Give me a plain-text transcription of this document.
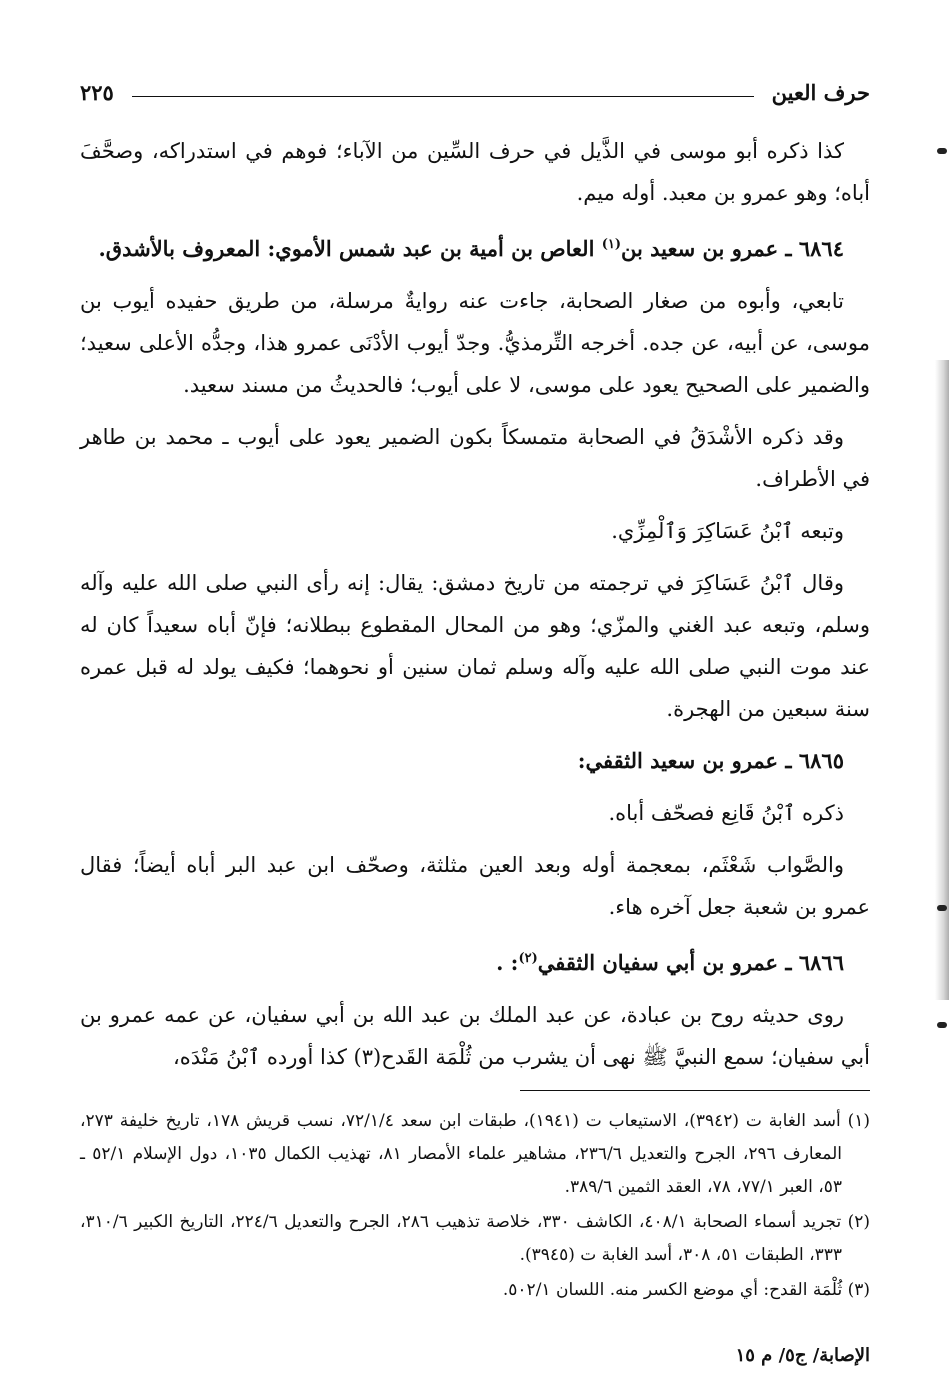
حرف العين
٢٢٥

كذا ذكره أبو موسى في الذَّيل في حرف السِّين من الآباء؛ فوهم في استدراكه، وصحَّفَ أباه؛ وهو عمرو بن معبد. أوله ميم.

٦٨٦٤ ـ عمرو بن سعيد بن$^{(١)}$ العاص بن أمية بن عبد شمس الأموي: المعروف بالأشدق.

تابعي، وأبوه من صغار الصحابة، جاءت عنه روايةٌ مرسلة، من طريق حفيده أيوب بن موسى، عن أبيه، عن جده. أخرجه التِّرمذيُّ. وجدّ أيوب الأدْنَى عمرو هذا، وجدُّه الأعلى سعيد؛ والضمير على الصحيح يعود على موسى، لا على أيوب؛ فالحديثُ من مسند سعيد.

وقد ذكره الأشْدَقُ في الصحابة متمسكاً بكون الضمير يعود على أيوب ـ محمد بن طاهر في الأطراف.

وتبعه ٱبْنُ عَسَاكِرَ وَٱلْمِزِّي.

وقال ٱبْنُ عَسَاكِرَ في ترجمته من تاريخ دمشق: يقال: إنه رأى النبي صلى الله عليه وآله وسلم، وتبعه عبد الغني والمزّي؛ وهو من المحال المقطوع ببطلانه؛ فإنّ أباه سعيداً كان له عند موت النبي صلى الله عليه وآله وسلم ثمان سنين أو نحوهما؛ فكيف يولد له قبل عمره سنة سبعين من الهجرة.

٦٨٦٥ ـ عمرو بن سعيد الثقفي:

ذكره ٱبْنُ قَانِع فصحّف أباه.

والصَّواب شَعْثَم، بمعجمة أوله وبعد العين مثلثة، وصحّف ابن عبد البر أباه أيضاً؛ فقال عمرو بن شعبة جعل آخره هاء.

٦٨٦٦ ـ عمرو بن أبي سفيان الثقفي$^{(٢)}$: .

روى حديثه روح بن عبادة، عن عبد الملك بن عبد الله بن أبي سفيان، عن عمه عمرو بن أبي سفيان؛ سمع النبيَّ ﷺ نهى أن يشرب من ثُلْمَة القَدح(٣) كذا أورده ٱبْنُ مَنْدَه،

(١) أسد الغابة ت (٣٩٤٢)، الاستيعاب ت (١٩٤١)، طبقات ابن سعد ٧٢/١/٤، نسب قريش ١٧٨، تاريخ خليفة ٢٧٣، المعارف ٢٩٦، الجرح والتعديل ٢٣٦/٦، مشاهير علماء الأمصار ٨١، تهذيب الكمال ١٠٣٥، دول الإسلام ٥٢/١ ـ ٥٣، العبر ٧٧/١، ٧٨، العقد الثمين ٣٨٩/٦.

(٢) تجريد أسماء الصحابة ٤٠٨/١، الكاشف ٣٣٠، خلاصة تذهيب ٢٨٦، الجرح والتعديل ٢٢٤/٦، التاريخ الكبير ٣١٠/٦، ٣٣٣، الطبقات ٥١، ٣٠٨، أسد الغابة ت (٣٩٤٥).

(٣) ثُلْمَة القدح: أي موضع الكسر منه. اللسان ٥٠٢/١.

الإصابة/ ج٥/ م ١٥
